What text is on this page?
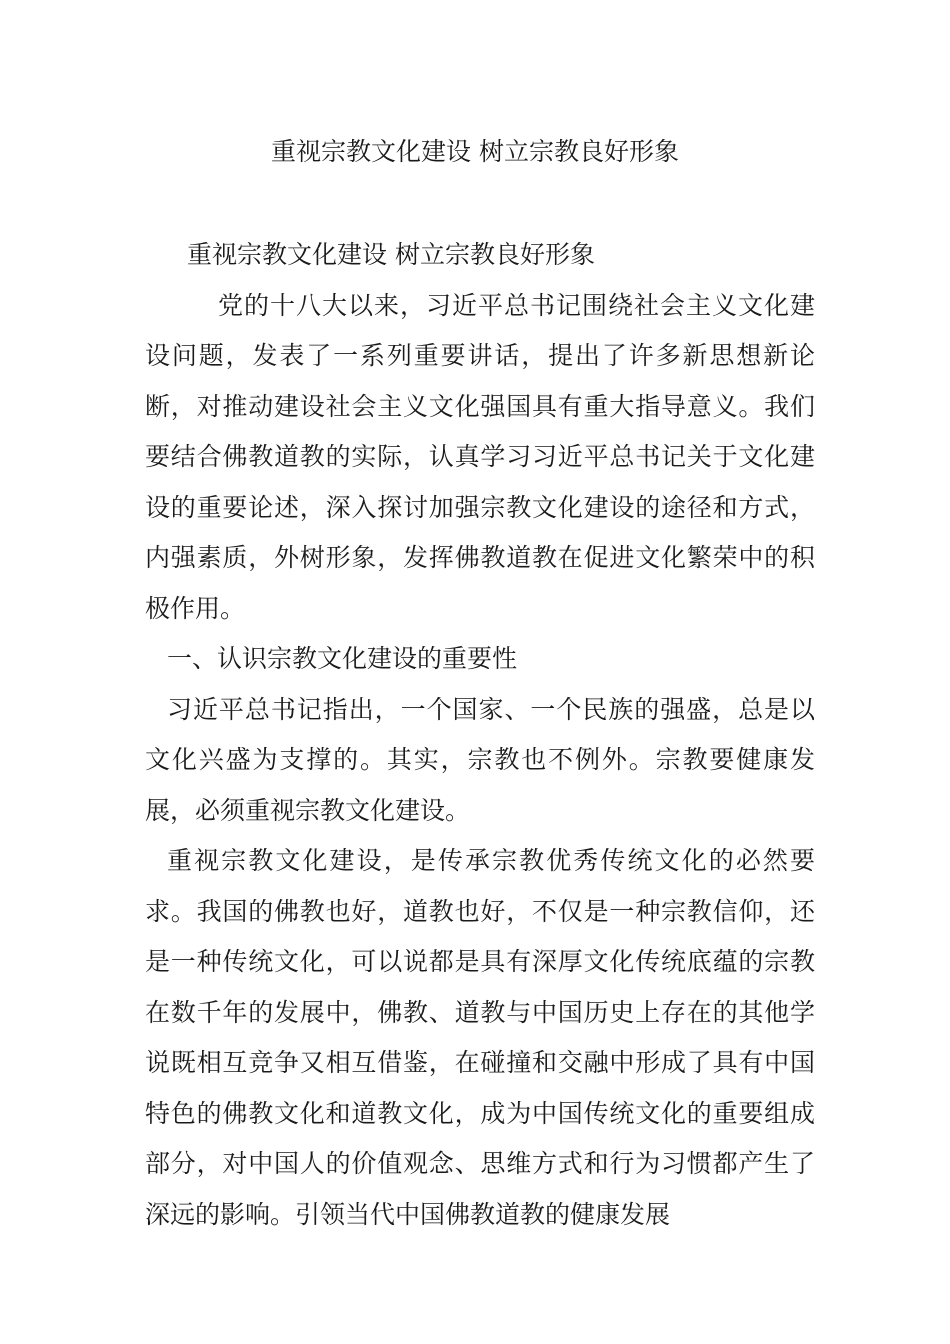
重视宗教文化建设 树立宗教良好形象

重视宗教文化建设 树立宗教良好形象

党的十八大以来，习近平总书记围绕社会主义文化建设问题，发表了一系列重要讲话，提出了许多新思想新论断，对推动建设社会主义文化强国具有重大指导意义。我们要结合佛教道教的实际，认真学习习近平总书记关于文化建设的重要论述，深入探讨加强宗教文化建设的途径和方式，内强素质，外树形象，发挥佛教道教在促进文化繁荣中的积极作用。

一、认识宗教文化建设的重要性

习近平总书记指出，一个国家、一个民族的强盛，总是以文化兴盛为支撑的。其实，宗教也不例外。宗教要健康发展，必须重视宗教文化建设。

重视宗教文化建设，是传承宗教优秀传统文化的必然要求。我国的佛教也好，道教也好，不仅是一种宗教信仰，还是一种传统文化，可以说都是具有深厚文化传统底蕴的宗教在数千年的发展中，佛教、道教与中国历史上存在的其他学说既相互竞争又相互借鉴，在碰撞和交融中形成了具有中国特色的佛教文化和道教文化，成为中国传统文化的重要组成部分，对中国人的价值观念、思维方式和行为习惯都产生了深远的影响。引领当代中国佛教道教的健康发展
